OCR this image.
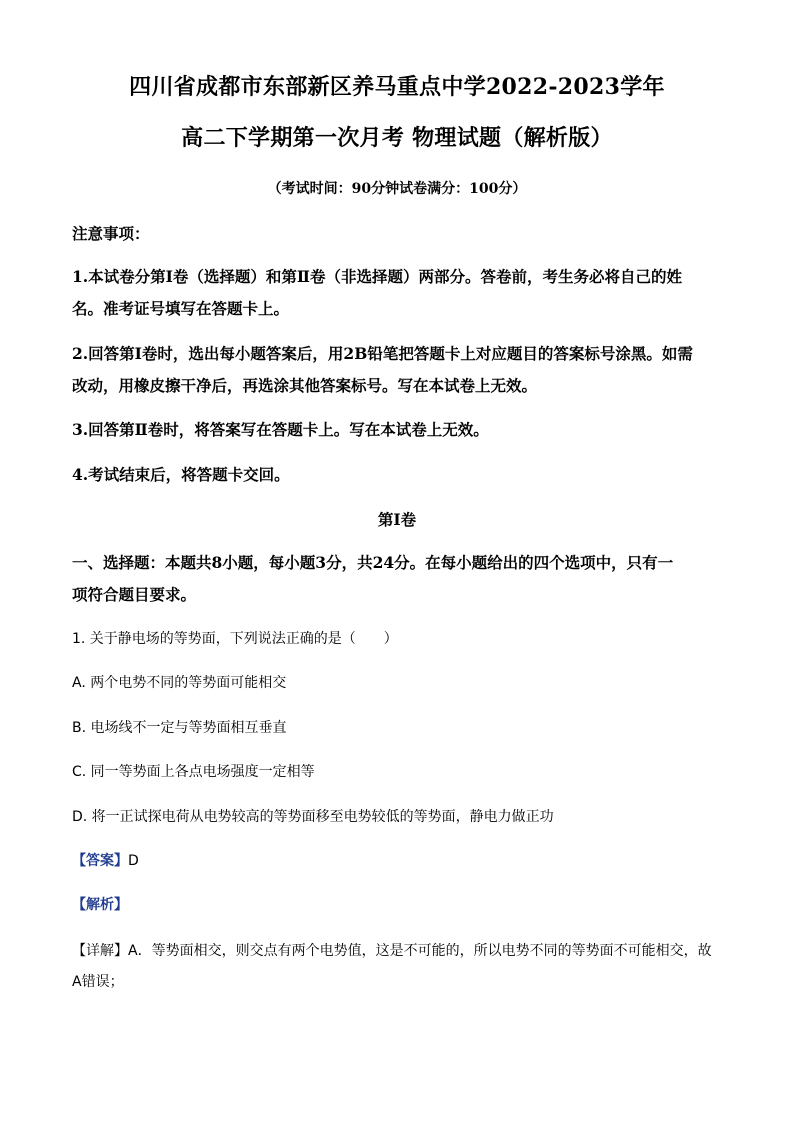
四川省成都市东部新区养马重点中学2022-2023学年
高二下学期第一次月考 物理试题（解析版）
（考试时间：90分钟试卷满分：100分）
注意事项：
1.本试卷分第Ⅰ卷（选择题）和第Ⅱ卷（非选择题）两部分。答卷前，考生务必将自己的姓
名。准考证号填写在答题卡上。
2.回答第Ⅰ卷时，选出每小题答案后，用2B铅笔把答题卡上对应题目的答案标号涂黑。如需
改动，用橡皮擦干净后，再选涂其他答案标号。写在本试卷上无效。
3.回答第Ⅱ卷时，将答案写在答题卡上。写在本试卷上无效。
4.考试结束后，将答题卡交回。
第Ⅰ卷
一、选择题：本题共8小题，每小题3分，共24分。在每小题给出的四个选项中，只有一
项符合题目要求。
1. 关于静电场的等势面，下列说法正确的是（　　）
A. 两个电势不同的等势面可能相交
B. 电场线不一定与等势面相互垂直
C. 同一等势面上各点电场强度一定相等
D. 将一正试探电荷从电势较高的等势面移至电势较低的等势面，静电力做正功
【答案】D
【解析】
【详解】A．等势面相交，则交点有两个电势值，这是不可能的，所以电势不同的等势面不可能相交，故
A错误；
